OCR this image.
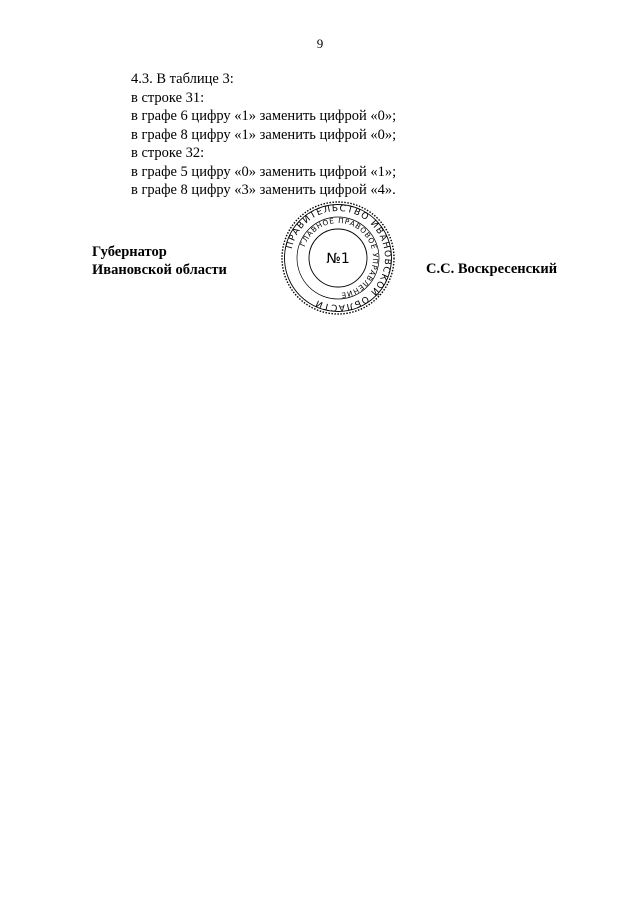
9
4.3. В таблице 3:
в строке 31:
в графе 6 цифру «1» заменить цифрой «0»;
в графе 8 цифру «1» заменить цифрой «0»;
в строке 32:
в графе 5 цифру «0» заменить цифрой «1»;
в графе 8 цифру «3» заменить цифрой «4».
Губернатор
Ивановской области	С.С. Воскресенский
ПРАВИТЕЛЬСТВО ИВАНОВСКОЙ ОБЛАСТИ
ГЛАВНОЕ ПРАВОВОЕ УПРАВЛЕНИЕ
№1
